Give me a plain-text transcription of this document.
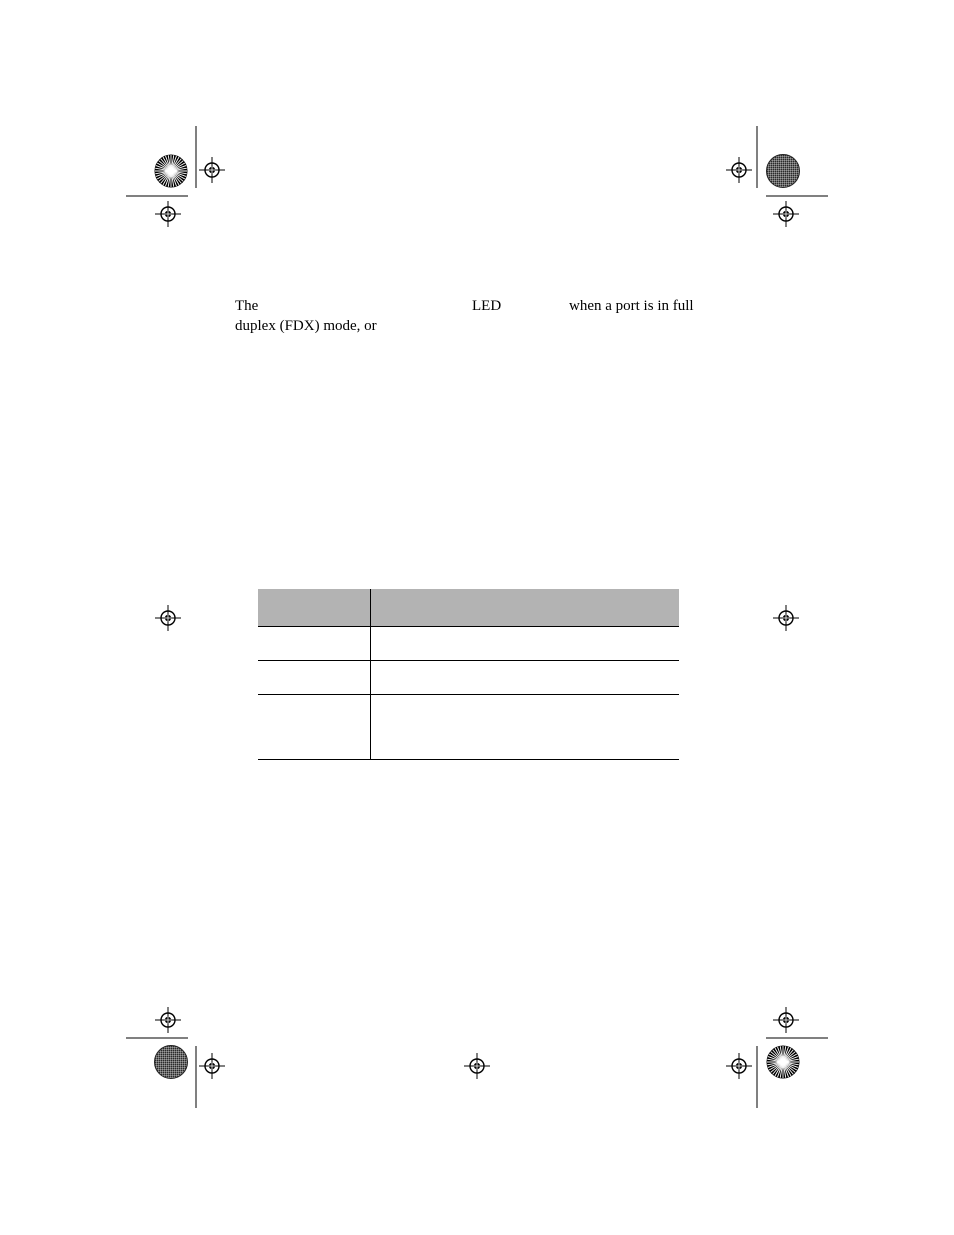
The	LED	when a port is in full
duplex (FDX) mode, or
